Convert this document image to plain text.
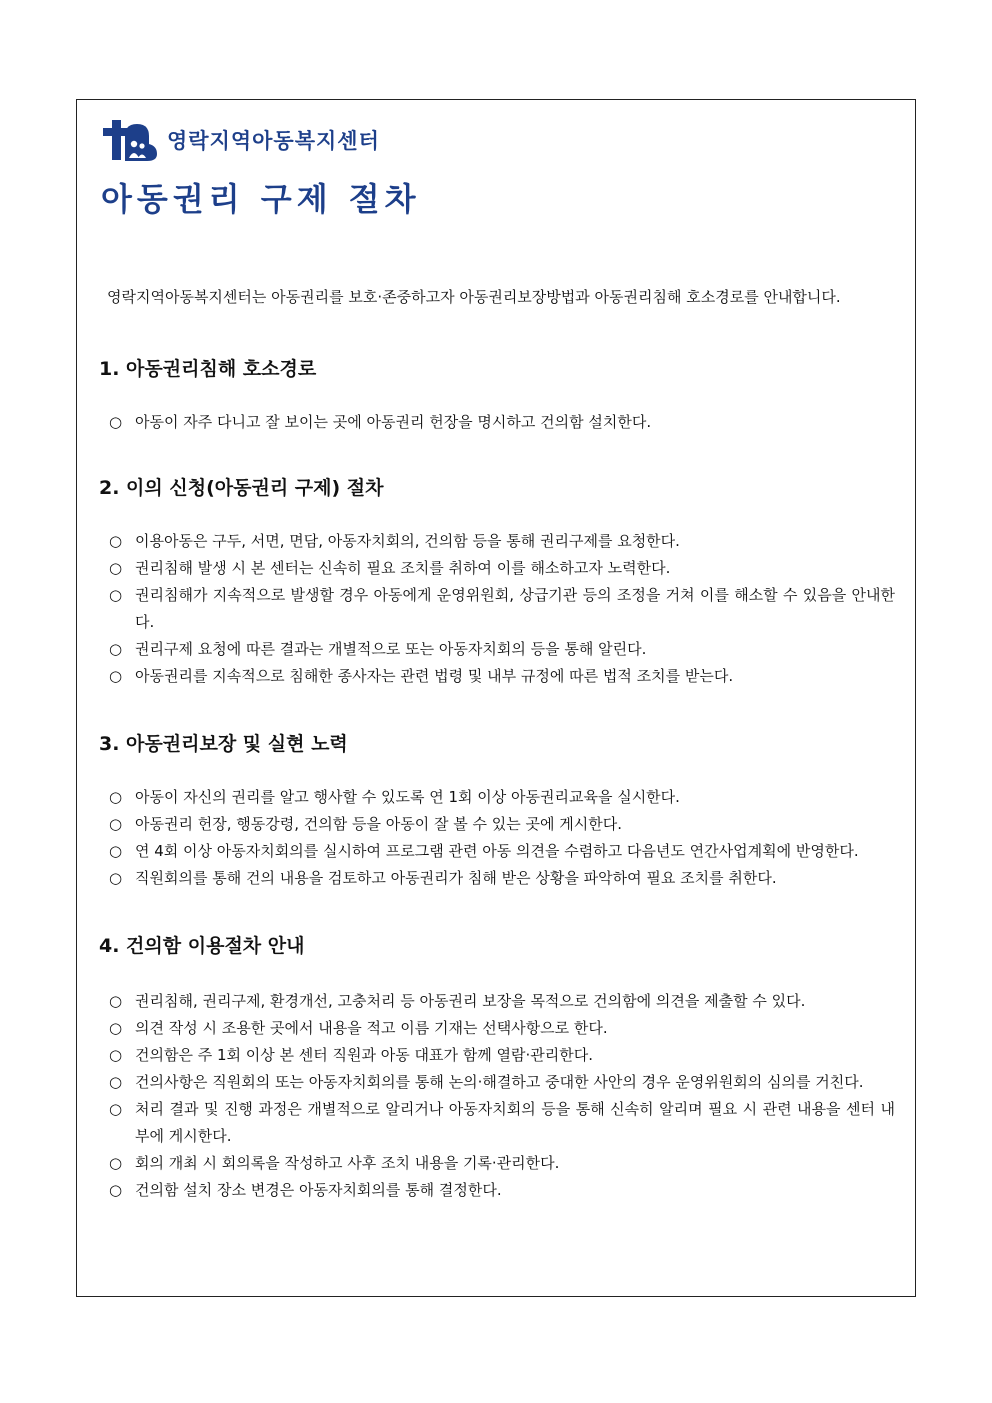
영락지역아동복지센터
아동권리 구제 절차

영락지역아동복지센터는 아동권리를 보호·존중하고자 아동권리보장방법과 아동권리침해 호소경로를 안내합니다.

1. 아동권리침해 호소경로
○ 아동이 자주 다니고 잘 보이는 곳에 아동권리 헌장을 명시하고 건의함 설치한다.
2. 이의 신청(아동권리 구제) 절차
○ 이용아동은 구두, 서면, 면담, 아동자치회의, 건의함 등을 통해 권리구제를 요청한다.
○ 권리침해 발생 시 본 센터는 신속히 필요 조치를 취하여 이를 해소하고자 노력한다.
○ 권리침해가 지속적으로 발생할 경우 아동에게 운영위원회, 상급기관 등의 조정을 거쳐 이를 해소할 수 있음을 안내한다.
○ 권리구제 요청에 따른 결과는 개별적으로 또는 아동자치회의 등을 통해 알린다.
○ 아동권리를 지속적으로 침해한 종사자는 관련 법령 및 내부 규정에 따른 법적 조치를 받는다.
3. 아동권리보장 및 실현 노력
○ 아동이 자신의 권리를 알고 행사할 수 있도록 연 1회 이상 아동권리교육을 실시한다.
○ 아동권리 헌장, 행동강령, 건의함 등을 아동이 잘 볼 수 있는 곳에 게시한다.
○ 연 4회 이상 아동자치회의를 실시하여 프로그램 관련 아동 의견을 수렴하고 다음년도 연간사업계획에 반영한다.
○ 직원회의를 통해 건의 내용을 검토하고 아동권리가 침해 받은 상황을 파악하여 필요 조치를 취한다.
4. 건의함 이용절차 안내
○ 권리침해, 권리구제, 환경개선, 고충처리 등 아동권리 보장을 목적으로 건의함에 의견을 제출할 수 있다.
○ 의견 작성 시 조용한 곳에서 내용을 적고 이름 기재는 선택사항으로 한다.
○ 건의함은 주 1회 이상 본 센터 직원과 아동 대표가 함께 열람·관리한다.
○ 건의사항은 직원회의 또는 아동자치회의를 통해 논의·해결하고 중대한 사안의 경우 운영위원회의 심의를 거친다.
○ 처리 결과 및 진행 과정은 개별적으로 알리거나 아동자치회의 등을 통해 신속히 알리며 필요 시 관련 내용을 센터 내부에 게시한다.
○ 회의 개최 시 회의록을 작성하고 사후 조치 내용을 기록·관리한다.
○ 건의함 설치 장소 변경은 아동자치회의를 통해 결정한다.
